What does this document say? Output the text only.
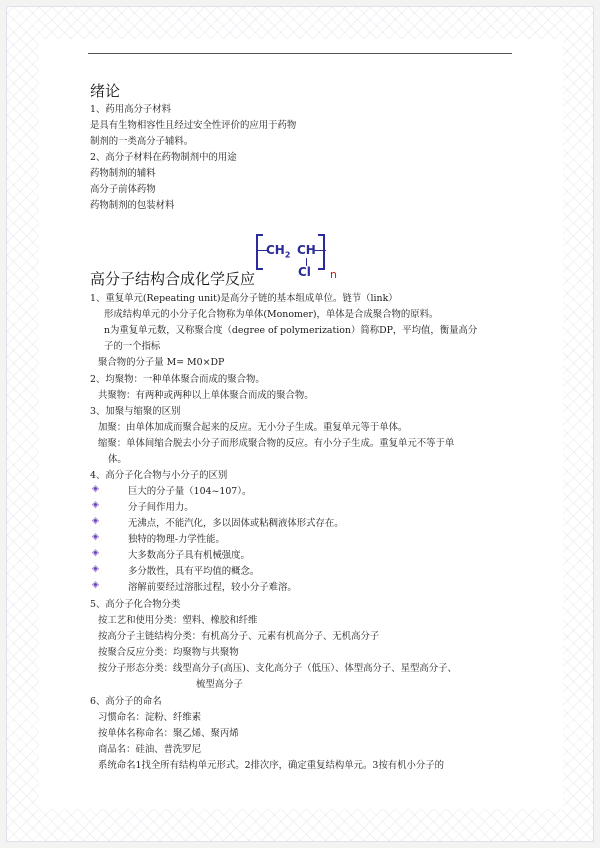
绪论
1、药用高分子材料
是具有生物相容性且经过安全性评价的应用于药物
制剂的一类高分子辅料。
2、高分子材料在药物制剂中的用途
药物制剂的辅料
高分子前体药物
药物制剂的包装材料
$CH_2$ CH
Cl n
高分子结构合成化学反应
1、重复单元(Repeating unit)是高分子链的基本组成单位。链节（link）
形成结构单元的小分子化合物称为单体(Monomer)，单体是合成聚合物的原料。
n为重复单元数，又称聚合度（degree of polymerization）简称DP，平均值，衡量高分
子的一个指标
聚合物的分子量 M= M0×DP
2、均聚物：一种单体聚合而成的聚合物。
共聚物：有两种或两种以上单体聚合而成的聚合物。
3、加聚与缩聚的区别
加聚：由单体加成而聚合起来的反应。无小分子生成。重复单元等于单体。
缩聚：单体间缩合脱去小分子而形成聚合物的反应。有小分子生成。重复单元不等于单
体。
4、高分子化合物与小分子的区别
◈	巨大的分子量（104~107）。
◈	分子间作用力。
◈	无沸点，不能汽化，多以固体或粘稠液体形式存在。
◈	独特的物理-力学性能。
◈	大多数高分子具有机械强度。
◈	多分散性，具有平均值的概念。
◈	溶解前要经过溶胀过程，较小分子难溶。
5、高分子化合物分类
按工艺和使用分类：塑料、橡胶和纤维
按高分子主链结构分类：有机高分子、元素有机高分子、无机高分子
按聚合反应分类：均聚物与共聚物
按分子形态分类：线型高分子(高压)、支化高分子（低压）、体型高分子、星型高分子、
梳型高分子
6、高分子的命名
习惯命名：淀粉、纤维素
按单体名称命名：聚乙烯、聚丙烯
商品名：硅油、普洗罗尼
系统命名1找全所有结构单元形式。2排次序，确定重复结构单元。3按有机小分子的
